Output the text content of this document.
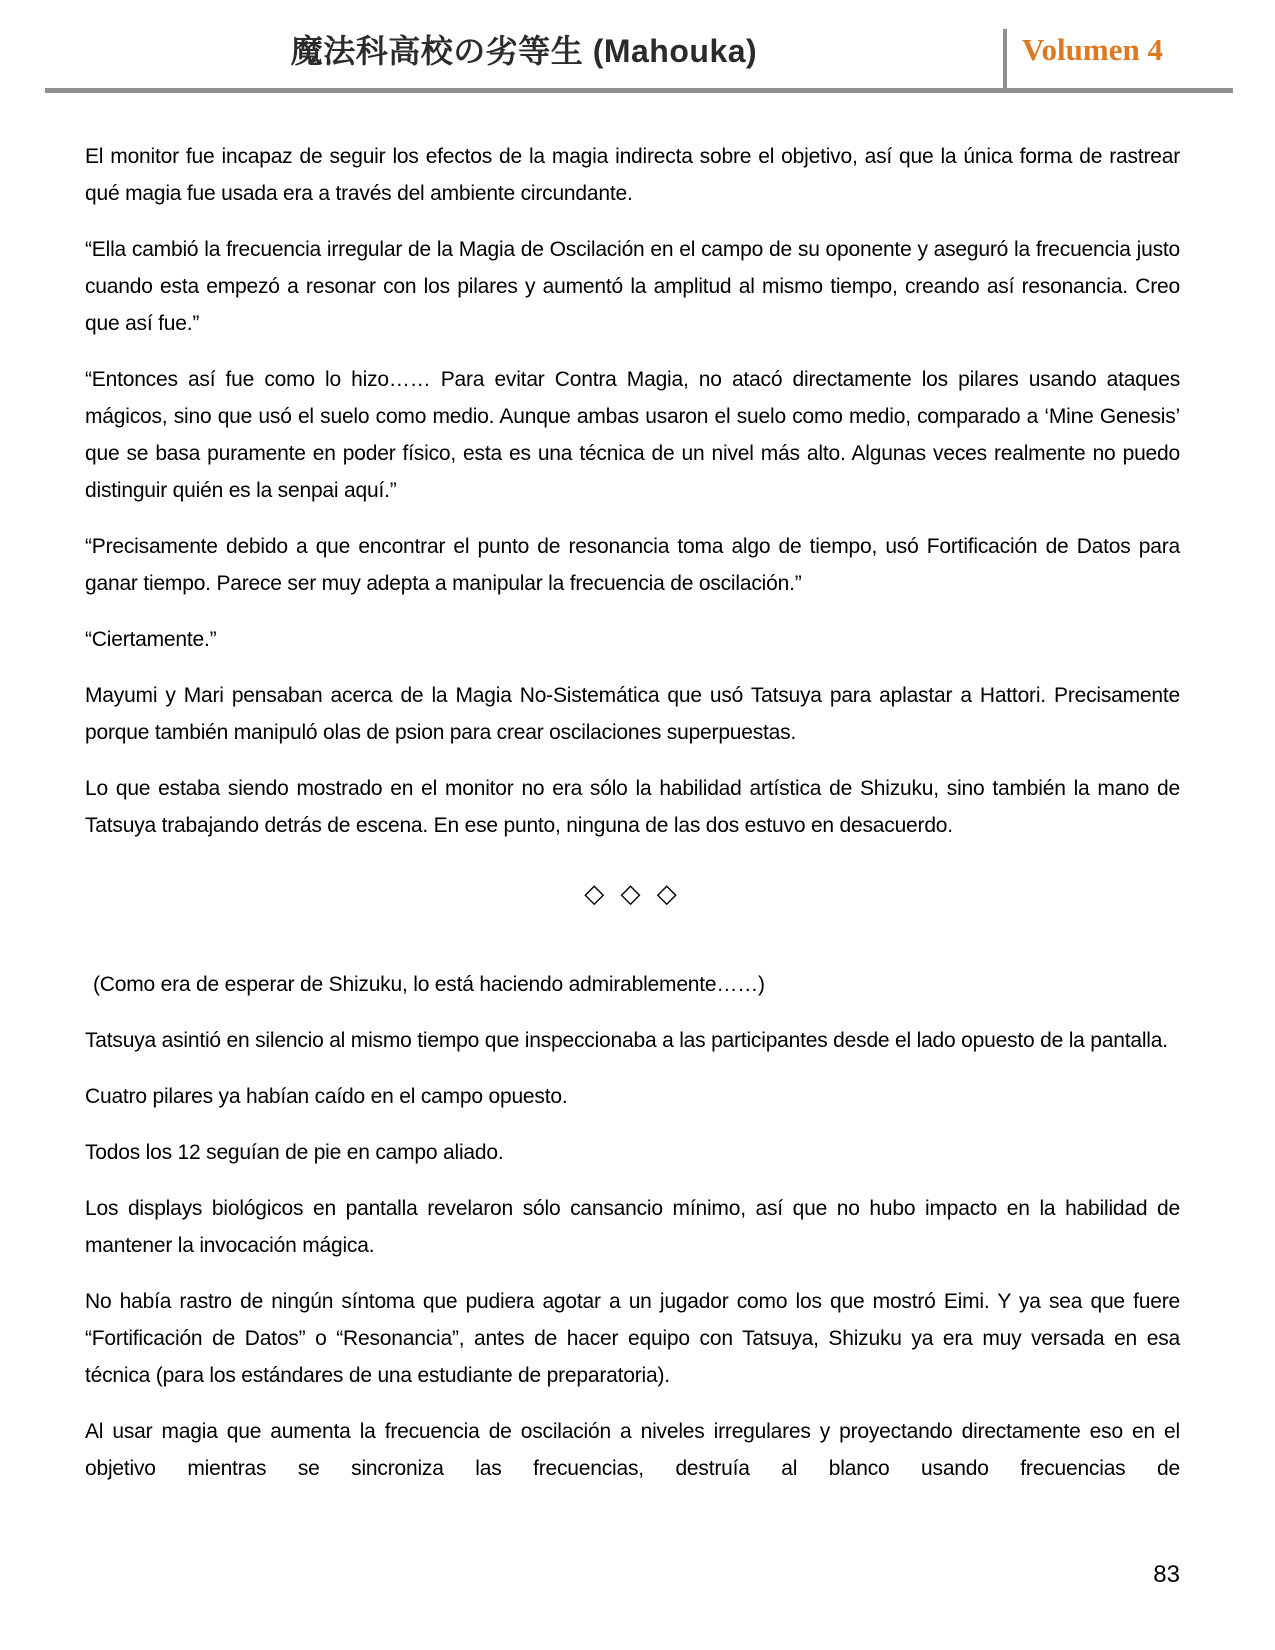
魔法科高校の劣等生 (Mahouka)	Volumen 4

El monitor fue incapaz de seguir los efectos de la magia indirecta sobre el objetivo, así que la única forma de rastrear qué magia fue usada era a través del ambiente circundante.

“Ella cambió la frecuencia irregular de la Magia de Oscilación en el campo de su oponente y aseguró la frecuencia justo cuando esta empezó a resonar con los pilares y aumentó la amplitud al mismo tiempo, creando así resonancia. Creo que así fue.”

“Entonces así fue como lo hizo…… Para evitar Contra Magia, no atacó directamente los pilares usando ataques mágicos, sino que usó el suelo como medio. Aunque ambas usaron el suelo como medio, comparado a ‘Mine Genesis’ que se basa puramente en poder físico, esta es una técnica de un nivel más alto. Algunas veces realmente no puedo distinguir quién es la senpai aquí.”

“Precisamente debido a que encontrar el punto de resonancia toma algo de tiempo, usó Fortificación de Datos para ganar tiempo. Parece ser muy adepta a manipular la frecuencia de oscilación.”

“Ciertamente.”

Mayumi y Mari pensaban acerca de la Magia No-Sistemática que usó Tatsuya para aplastar a Hattori. Precisamente porque también manipuló olas de psion para crear oscilaciones superpuestas.

Lo que estaba siendo mostrado en el monitor no era sólo la habilidad artística de Shizuku, sino también la mano de Tatsuya trabajando detrás de escena. En ese punto, ninguna de las dos estuvo en desacuerdo.

◇ ◇ ◇

(Como era de esperar de Shizuku, lo está haciendo admirablemente……)

Tatsuya asintió en silencio al mismo tiempo que inspeccionaba a las participantes desde el lado opuesto de la pantalla.

Cuatro pilares ya habían caído en el campo opuesto.

Todos los 12 seguían de pie en campo aliado.

Los displays biológicos en pantalla revelaron sólo cansancio mínimo, así que no hubo impacto en la habilidad de mantener la invocación mágica.

No había rastro de ningún síntoma que pudiera agotar a un jugador como los que mostró Eimi. Y ya sea que fuere “Fortificación de Datos” o “Resonancia”, antes de hacer equipo con Tatsuya, Shizuku ya era muy versada en esa técnica (para los estándares de una estudiante de preparatoria).

Al usar magia que aumenta la frecuencia de oscilación a niveles irregulares y proyectando directamente eso en el objetivo mientras se sincroniza las frecuencias, destruía al blanco usando frecuencias de

83
